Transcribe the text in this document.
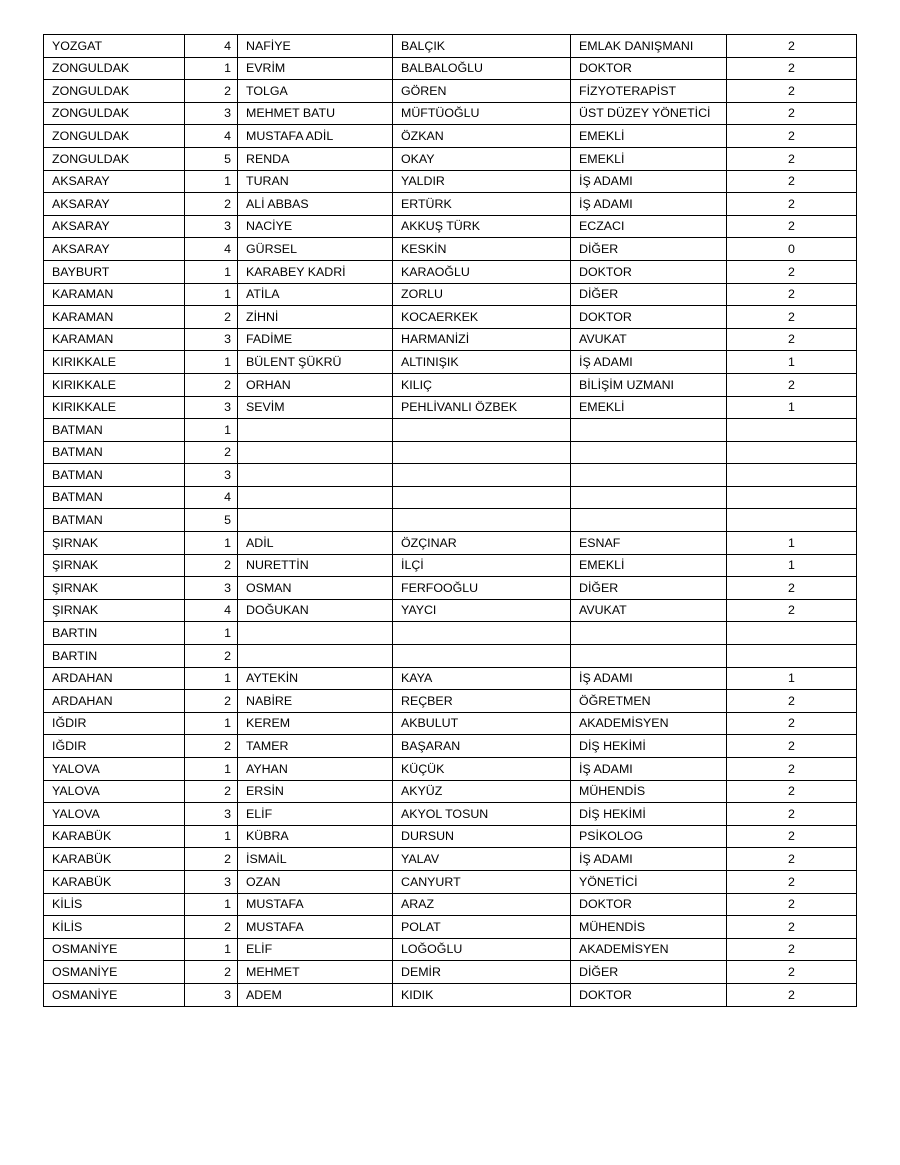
YOZGAT	4	NAFİYE	BALÇIK	EMLAK DANIŞMANI	2
ZONGULDAK	1	EVRİM	BALBALOĞLU	DOKTOR	2
ZONGULDAK	2	TOLGA	GÖREN	FİZYOTERAPİST	2
ZONGULDAK	3	MEHMET BATU	MÜFTÜOĞLU	ÜST DÜZEY YÖNETİCİ	2
ZONGULDAK	4	MUSTAFA ADİL	ÖZKAN	EMEKLİ	2
ZONGULDAK	5	RENDA	OKAY	EMEKLİ	2
AKSARAY	1	TURAN	YALDIR	İŞ ADAMI	2
AKSARAY	2	ALİ ABBAS	ERTÜRK	İŞ ADAMI	2
AKSARAY	3	NACİYE	AKKUŞ TÜRK	ECZACI	2
AKSARAY	4	GÜRSEL	KESKİN	DİĞER	0
BAYBURT	1	KARABEY KADRİ	KARAOĞLU	DOKTOR	2
KARAMAN	1	ATİLA	ZORLU	DİĞER	2
KARAMAN	2	ZİHNİ	KOCAERKEK	DOKTOR	2
KARAMAN	3	FADİME	HARMANİZİ	AVUKAT	2
KIRIKKALE	1	BÜLENT ŞÜKRÜ	ALTINIŞIK	İŞ ADAMI	1
KIRIKKALE	2	ORHAN	KILIÇ	BİLİŞİM UZMANI	2
KIRIKKALE	3	SEVİM	PEHLİVANLI ÖZBEK	EMEKLİ	1
BATMAN	1				
BATMAN	2				
BATMAN	3				
BATMAN	4				
BATMAN	5				
ŞIRNAK	1	ADİL	ÖZÇINAR	ESNAF	1
ŞIRNAK	2	NURETTİN	İLÇİ	EMEKLİ	1
ŞIRNAK	3	OSMAN	FERFOOĞLU	DİĞER	2
ŞIRNAK	4	DOĞUKAN	YAYCI	AVUKAT	2
BARTIN	1				
BARTIN	2				
ARDAHAN	1	AYTEKİN	KAYA	İŞ ADAMI	1
ARDAHAN	2	NABİRE	REÇBER	ÖĞRETMEN	2
IĞDIR	1	KEREM	AKBULUT	AKADEMİSYEN	2
IĞDIR	2	TAMER	BAŞARAN	DİŞ HEKİMİ	2
YALOVA	1	AYHAN	KÜÇÜK	İŞ ADAMI	2
YALOVA	2	ERSİN	AKYÜZ	MÜHENDİS	2
YALOVA	3	ELİF	AKYOL TOSUN	DİŞ HEKİMİ	2
KARABÜK	1	KÜBRA	DURSUN	PSİKOLOG	2
KARABÜK	2	İSMAİL	YALAV	İŞ ADAMI	2
KARABÜK	3	OZAN	CANYURT	YÖNETİCİ	2
KİLİS	1	MUSTAFA	ARAZ	DOKTOR	2
KİLİS	2	MUSTAFA	POLAT	MÜHENDİS	2
OSMANİYE	1	ELİF	LOĞOĞLU	AKADEMİSYEN	2
OSMANİYE	2	MEHMET	DEMİR	DİĞER	2
OSMANİYE	3	ADEM	KIDIK	DOKTOR	2
